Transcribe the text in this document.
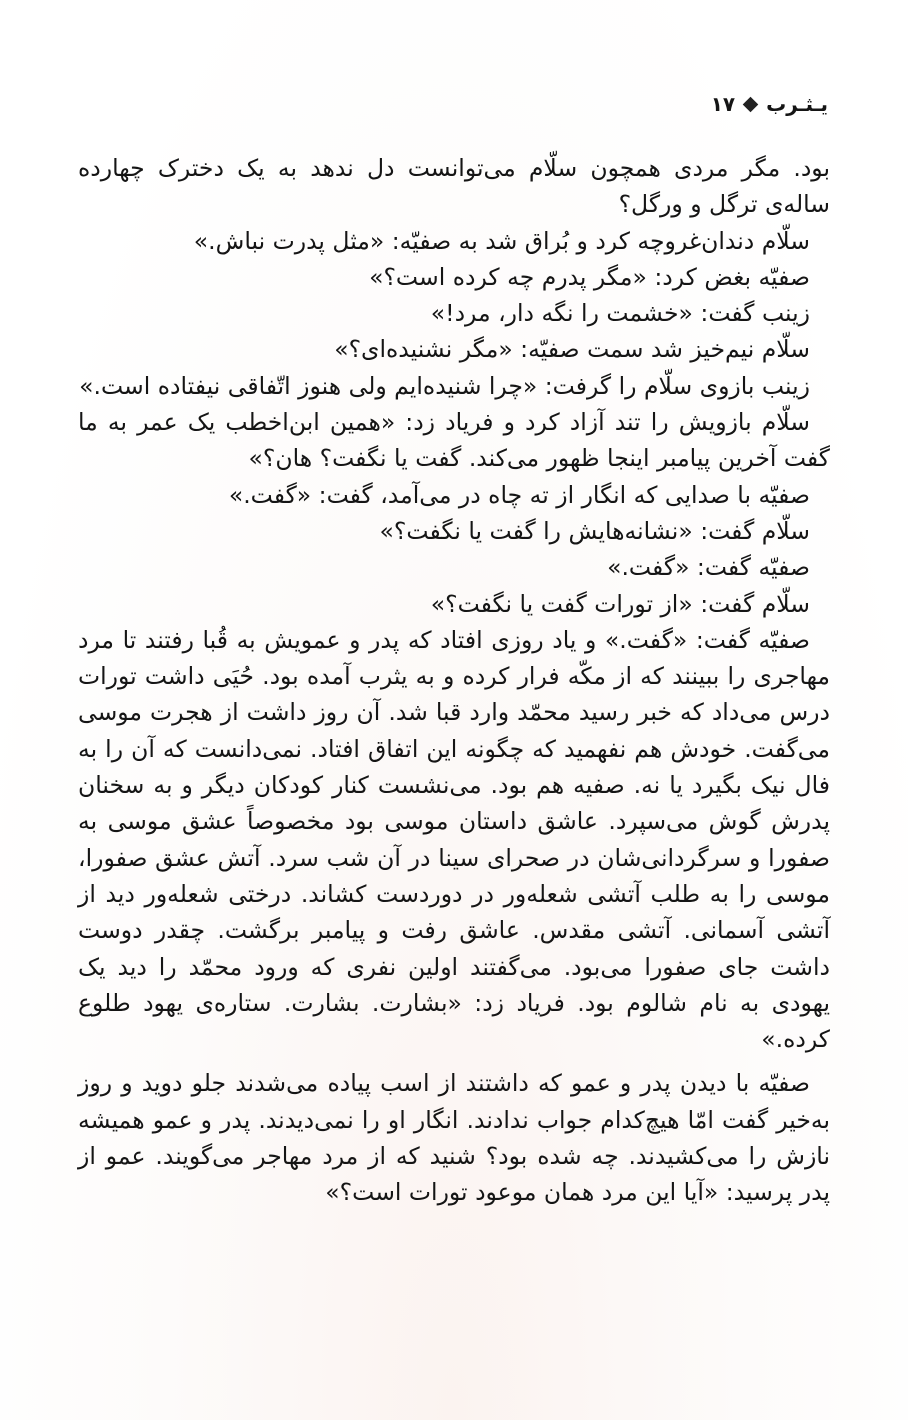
یـثـرب
۱۷

بود. مگر مردی همچون سلّام می‌توانست دل ندهد به یک دخترک چهارده ساله‌ی ترگل و ورگل؟

سلّام دندان‌غروچه کرد و بُراق شد به صفیّه: «مثل پدرت نباش.»

صفیّه بغض کرد: «مگر پدرم چه کرده است؟»

زینب گفت: «خشمت را نگه دار، مرد!»

سلّام نیم‌خیز شد سمت صفیّه: «مگر نشنیده‌ای؟»

زینب بازوی سلّام را گرفت: «چرا شنیده‌ایم ولی هنوز اتّفاقی نیفتاده است.»

سلّام بازویش را تند آزاد کرد و فریاد زد: «همین ابن‌اخطب یک عمر به ما گفت آخرین پیامبر اینجا ظهور می‌کند. گفت یا نگفت؟ هان؟»

صفیّه با صدایی که انگار از ته چاه در می‌آمد، گفت: «گفت.»

سلّام گفت: «نشانه‌هایش را گفت یا نگفت؟»

صفیّه گفت: «گفت.»

سلّام گفت: «از تورات گفت یا نگفت؟»

صفیّه گفت: «گفت.» و یاد روزی افتاد که پدر و عمویش به قُبا رفتند تا مرد مهاجری را ببینند که از مکّه فرار کرده و به یثرب آمده بود. حُیَی داشت تورات درس می‌داد که خبر رسید محمّد وارد قبا شد. آن روز داشت از هجرت موسی می‌گفت. خودش هم نفهمید که چگونه این اتفاق افتاد. نمی‌دانست که آن را به فال نیک بگیرد یا نه. صفیه هم بود. می‌نشست کنار کودکان دیگر و به سخنان پدرش گوش می‌سپرد. عاشق داستان موسی بود مخصوصاً عشق موسی به صفورا و سرگردانی‌شان در صحرای سینا در آن شب سرد. آتش عشق صفورا، موسی را به طلب آتشی شعله‌ور در دوردست کشاند. درختی شعله‌ور دید از آتشی آسمانی. آتشی مقدس. عاشق رفت و پیامبر برگشت. چقدر دوست داشت جای صفورا می‌بود. می‌گفتند اولین نفری که ورود محمّد را دید یک یهودی به نام شالوم بود. فریاد زد: «بشارت. بشارت. ستاره‌ی یهود طلوع کرده.»

صفیّه با دیدن پدر و عمو که داشتند از اسب پیاده می‌شدند جلو دوید و روز به‌خیر گفت امّا هیچ‌کدام جواب ندادند. انگار او را نمی‌دیدند. پدر و عمو همیشه نازش را می‌کشیدند. چه شده بود؟ شنید که از مرد مهاجر می‌گویند. عمو از پدر پرسید: «آیا این مرد همان موعود تورات است؟»
